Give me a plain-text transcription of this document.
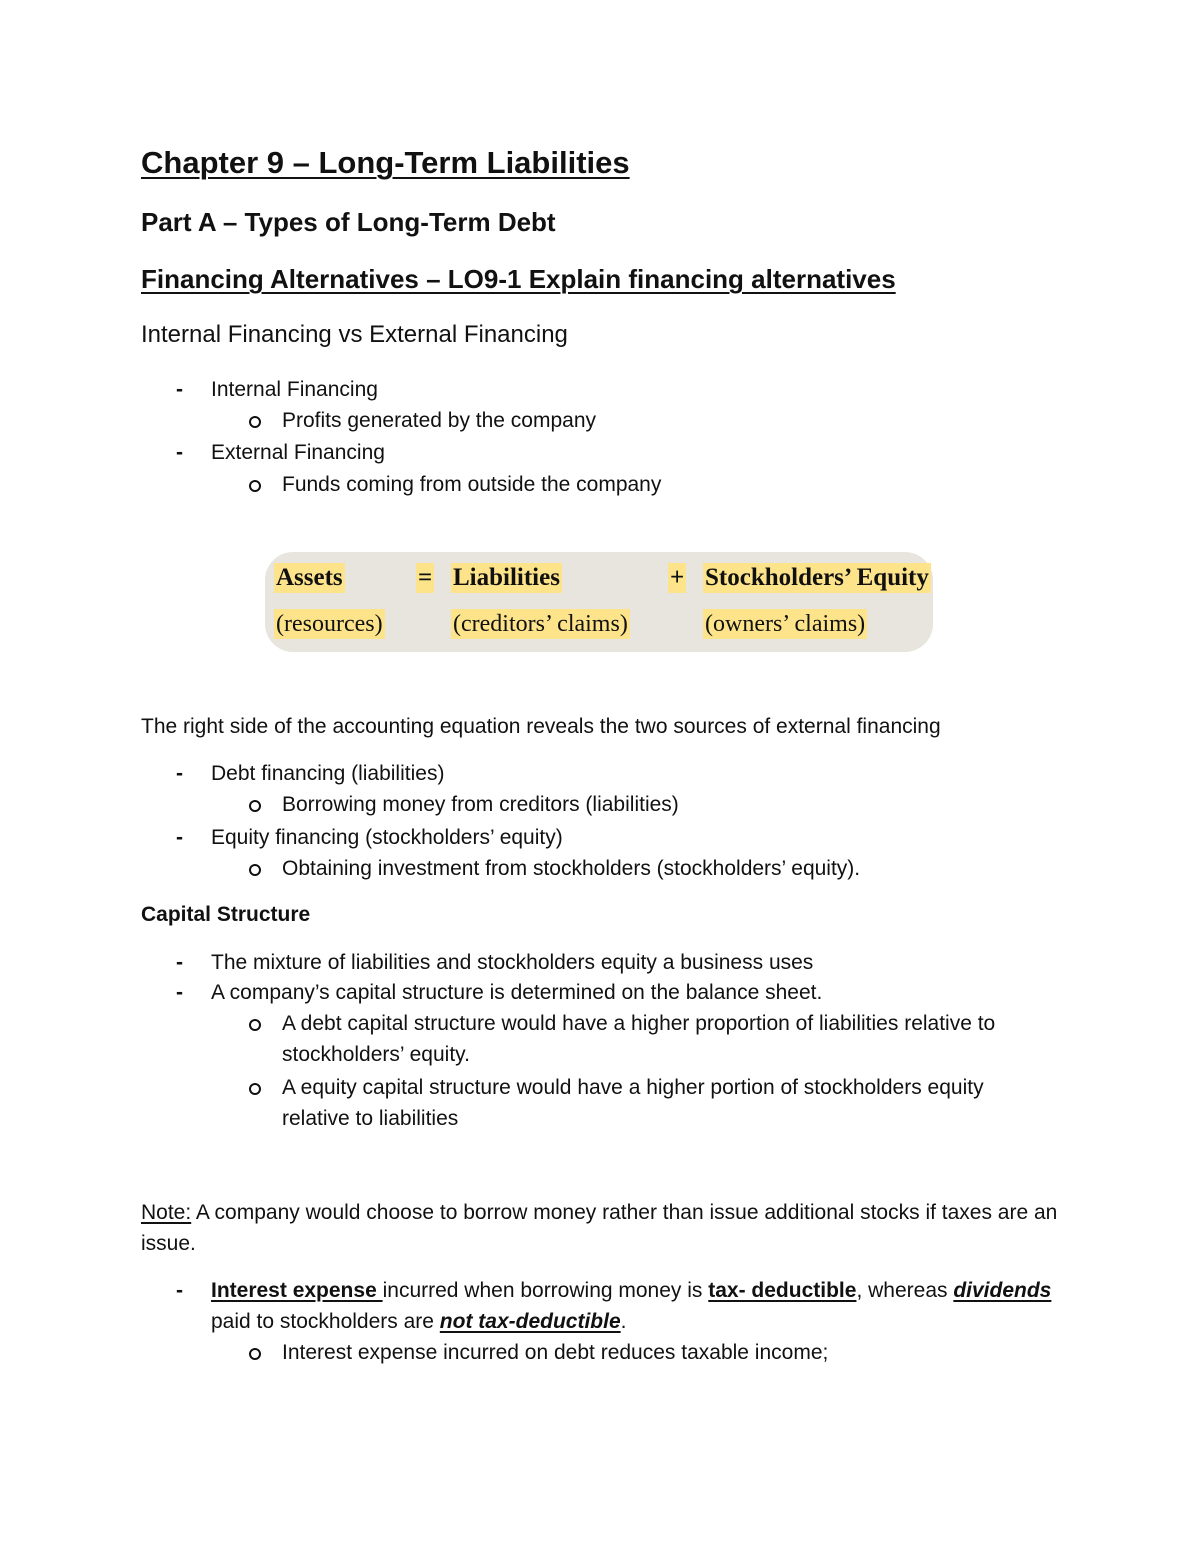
Chapter 9 – Long-Term Liabilities
Part A – Types of Long-Term Debt
Financing Alternatives – LO9-1 Explain financing alternatives
Internal Financing vs External Financing
- Internal Financing
Profits generated by the company
- External Financing
Funds coming from outside the company
Assets	= Liabilities	+ Stockholders’ Equity
(resources)	(creditors’ claims)	(owners’ claims)
The right side of the accounting equation reveals the two sources of external financing
- Debt financing (liabilities)
Borrowing money from creditors (liabilities)
- Equity financing (stockholders’ equity)
Obtaining investment from stockholders (stockholders’ equity).
Capital Structure
- The mixture of liabilities and stockholders equity a business uses
- A company’s capital structure is determined on the balance sheet.
A debt capital structure would have a higher proportion of liabilities relative to stockholders’ equity.
A equity capital structure would have a higher portion of stockholders equity relative to liabilities
Note: A company would choose to borrow money rather than issue additional stocks if taxes are an issue.
- Interest expense incurred when borrowing money is tax- deductible, whereas dividends
paid to stockholders are not tax-deductible.
Interest expense incurred on debt reduces taxable income;
